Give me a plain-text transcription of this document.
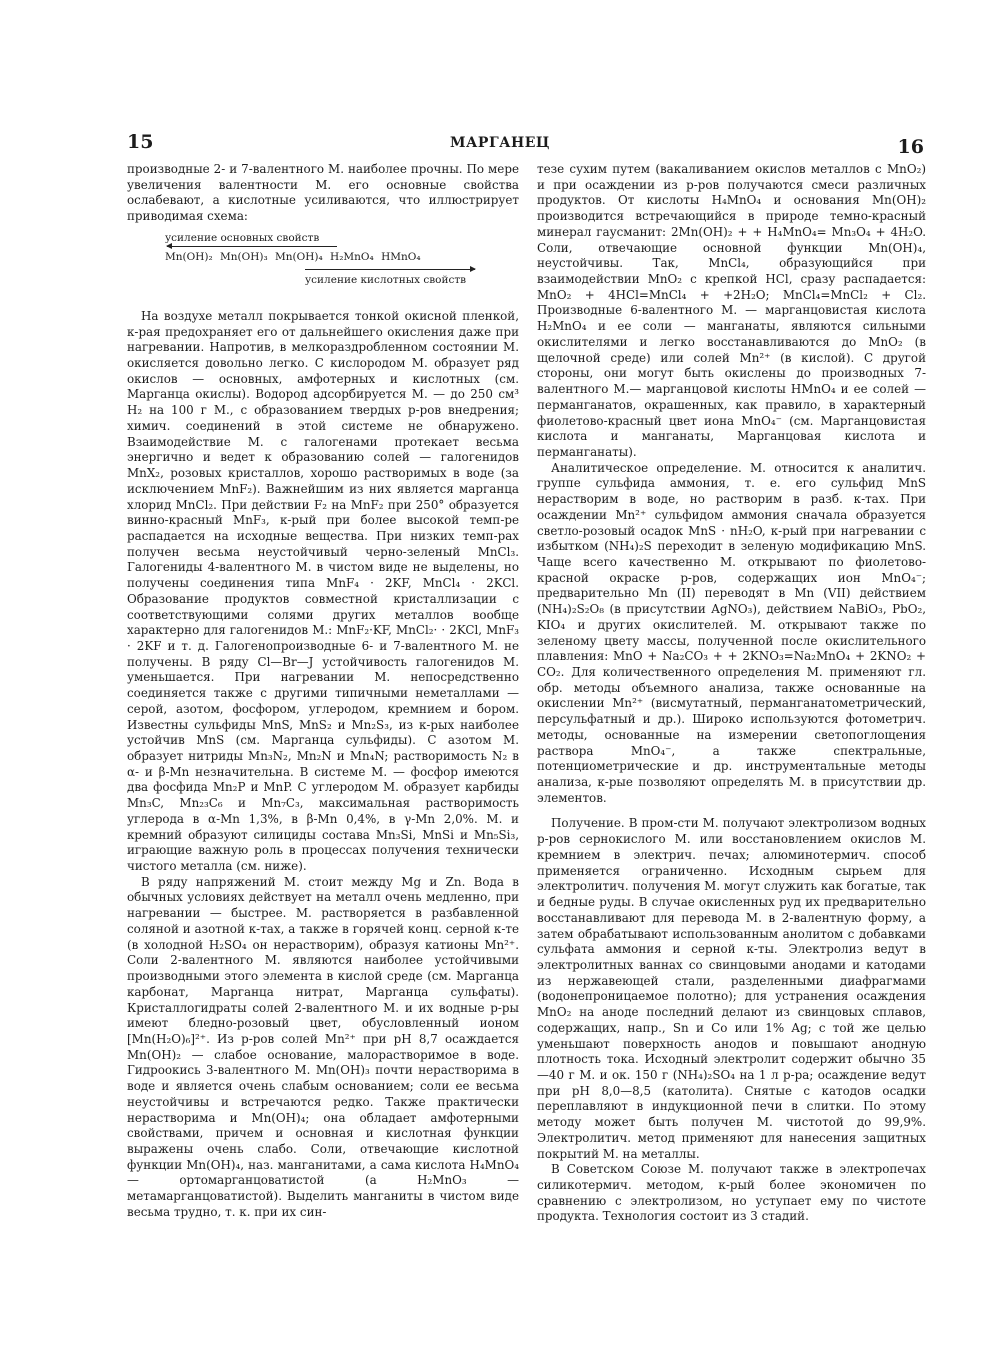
15	МАРГАНЕЦ	16

производные 2- и 7-валентного М. наиболее прочны. По мере увеличения валентности М. его основные свойства ослабевают, а кислотные усиливаются, что иллюстрирует приводимая схема:

усиление основных свойств
Mn(OH)₂ Mn(OH)₃ Mn(OH)₄ H₂MnO₄ HMnO₄
усиление кислотных свойств

На воздухе металл покрывается тонкой окисной пленкой, к-рая предохраняет его от дальнейшего окисления даже при нагревании. Напротив, в мелкораздробленном состоянии М. окисляется довольно легко. С кислородом М. образует ряд окислов — основных, амфотерных и кислотных (см. Марганца окислы). Водород адсорбируется М. — до 250 см³ H₂ на 100 г М., с образованием твердых р-ров внедрения; химич. соединений в этой системе не обнаружено. Взаимодействие М. с галогенами протекает весьма энергично и ведет к образованию солей — галогенидов MnX₂, розовых кристаллов, хорошо растворимых в воде (за исключением MnF₂). Важнейшим из них является марганца хлорид MnCl₂. При действии F₂ на MnF₂ при 250° образуется винно-красный MnF₃, к-рый при более высокой темп-ре распадается на исходные вещества. При низких темп-рах получен весьма неустойчивый черно-зеленый MnCl₃. Галогениды 4-валентного М. в чистом виде не выделены, но получены соединения типа MnF₄ · 2KF, MnCl₄ · 2KCl. Образование продуктов совместной кристаллизации с соответствующими солями других металлов вообще характерно для галогенидов М.: MnF₂·KF, MnCl₂· · 2KCl, MnF₃ · 2KF и т. д. Галогенопроизводные 6- и 7-валентного М. не получены. В ряду Cl—Br—J устойчивость галогенидов М. уменьшается. При нагревании М. непосредственно соединяется также с другими типичными неметаллами — серой, азотом, фосфором, углеродом, кремнием и бором. Известны сульфиды MnS, MnS₂ и Mn₂S₃, из к-рых наиболее устойчив MnS (см. Марганца сульфиды). С азотом М. образует нитриды Mn₃N₂, Mn₂N и Mn₄N; растворимость N₂ в α- и β-Mn незначительна. В системе М. — фосфор имеются два фосфида Mn₂P и MnP. С углеродом М. образует карбиды Mn₃C, Mn₂₃C₆ и Mn₇C₃, максимальная растворимость углерода в α-Mn 1,3%, в β-Mn 0,4%, в γ-Mn 2,0%. М. и кремний образуют силициды состава Mn₃Si, MnSi и Mn₅Si₃, играющие важную роль в процессах получения технически чистого металла (см. ниже).

В ряду напряжений М. стоит между Mg и Zn. Вода в обычных условиях действует на металл очень медленно, при нагревании — быстрее. М. растворяется в разбавленной соляной и азотной к-тах, а также в горячей конц. серной к-те (в холодной H₂SO₄ он нерастворим), образуя катионы Mn²⁺. Соли 2-валентного М. являются наиболее устойчивыми производными этого элемента в кислой среде (см. Марганца карбонат, Марганца нитрат, Марганца сульфаты). Кристаллогидраты солей 2-валентного М. и их водные р-ры имеют бледно-розовый цвет, обусловленный ионом [Mn(H₂O)₆]²⁺. Из р-ров солей Mn²⁺ при pH 8,7 осаждается Mn(OH)₂ — слабое основание, малорастворимое в воде. Гидроокись 3-валентного М. Mn(OH)₃ почти нерастворима в воде и является очень слабым основанием; соли ее весьма неустойчивы и встречаются редко. Также практически нерастворима и Mn(OH)₄; она обладает амфотерными свойствами, причем и основная и кислотная функции выражены очень слабо. Соли, отвечающие кислотной функции Mn(OH)₄, наз. манганитами, а сама кислота H₄MnO₄— ортомарганцоватистой (а H₂MnO₃ — метамарганцоватистой). Выделить манганиты в чистом виде весьма трудно, т. к. при их син-

тезе сухим путем (вакаливанием окислов металлов с MnO₂) и при осаждении из р-ров получаются смеси различных продуктов. От кислоты H₄MnO₄ и основания Mn(OH)₂ производится встречающийся в природе темно-красный минерал гаусманит: 2Mn(OH)₂ + + H₄MnO₄= Mn₃O₄ + 4H₂O. Соли, отвечающие основной функции Mn(OH)₄, неустойчивы. Так, MnCl₄, образующийся при взаимодействии MnO₂ с крепкой HCl, сразу распадается: MnO₂ + 4HCl=MnCl₄ + +2H₂O; MnCl₄=MnCl₂ + Cl₂. Производные 6-валентного М. — марганцовистая кислота H₂MnO₄ и ее соли — манганаты, являются сильными окислителями и легко восстанавливаются до MnO₂ (в щелочной среде) или солей Mn²⁺ (в кислой). С другой стороны, они могут быть окислены до производных 7-валентного М.— марганцовой кислоты HMnO₄ и ее солей — перманганатов, окрашенных, как правило, в характерный фиолетово-красный цвет иона MnO₄⁻ (см. Марганцовистая кислота и манганаты, Марганцовая кислота и перманганаты).

Аналитическое определение. М. относится к аналитич. группе сульфида аммония, т. е. его сульфид MnS нерастворим в воде, но растворим в разб. к-тах. При осаждении Mn²⁺ сульфидом аммония сначала образуется светло-розовый осадок MnS · nH₂O, к-рый при нагревании с избытком (NH₄)₂S переходит в зеленую модификацию MnS. Чаще всего качественно М. открывают по фиолетово-красной окраске р-ров, содержащих ион MnO₄⁻; предварительно Mn (II) переводят в Mn (VII) действием (NH₄)₂S₂O₈ (в присутствии AgNO₃), действием NaBiO₃, PbO₂, KIO₄ и других окислителей. М. открывают также по зеленому цвету массы, полученной после окислительного плавления: MnO + Na₂CO₃ + + 2KNO₃=Na₂MnO₄ + 2KNO₂ + CO₂. Для количественного определения М. применяют гл. обр. методы объемного анализа, также основанные на окислении Mn²⁺ (висмутатный, перманганатометрический, персульфатный и др.). Широко используются фотометрич. методы, основанные на измерении светопоглощения раствора MnO₄⁻, а также спектральные, потенциометрические и др. инструментальные методы анализа, к-рые позволяют определять М. в присутствии др. элементов.

Получение. В пром-сти М. получают электролизом водных р-ров сернокислого М. или восстановлением окислов М. кремнием в электрич. печах; алюминотермич. способ применяется ограниченно. Исходным сырьем для электролитич. получения М. могут служить как богатые, так и бедные руды. В случае окисленных руд их предварительно восстанавливают для перевода М. в 2-валентную форму, а затем обрабатывают использованным анолитом с добавками сульфата аммония и серной к-ты. Электролиз ведут в электролитных ваннах со свинцовыми анодами и катодами из нержавеющей стали, разделенными диафрагмами (водонепроницаемое полотно); для устранения осаждения MnO₂ на аноде последний делают из свинцовых сплавов, содержащих, напр., Sn и Co или 1% Ag; с той же целью уменьшают поверхность анодов и повышают анодную плотность тока. Исходный электролит содержит обычно 35—40 г М. и ок. 150 г (NH₄)₂SO₄ на 1 л р-ра; осаждение ведут при pH 8,0—8,5 (католита). Снятые с катодов осадки переплавляют в индукционной печи в слитки. По этому методу может быть получен М. чистотой до 99,9%. Электролитич. метод применяют для нанесения защитных покрытий М. на металлы.

В Советском Союзе М. получают также в электропечах силикотермич. методом, к-рый более экономичен по сравнению с электролизом, но уступает ему по чистоте продукта. Технология состоит из 3 стадий.
